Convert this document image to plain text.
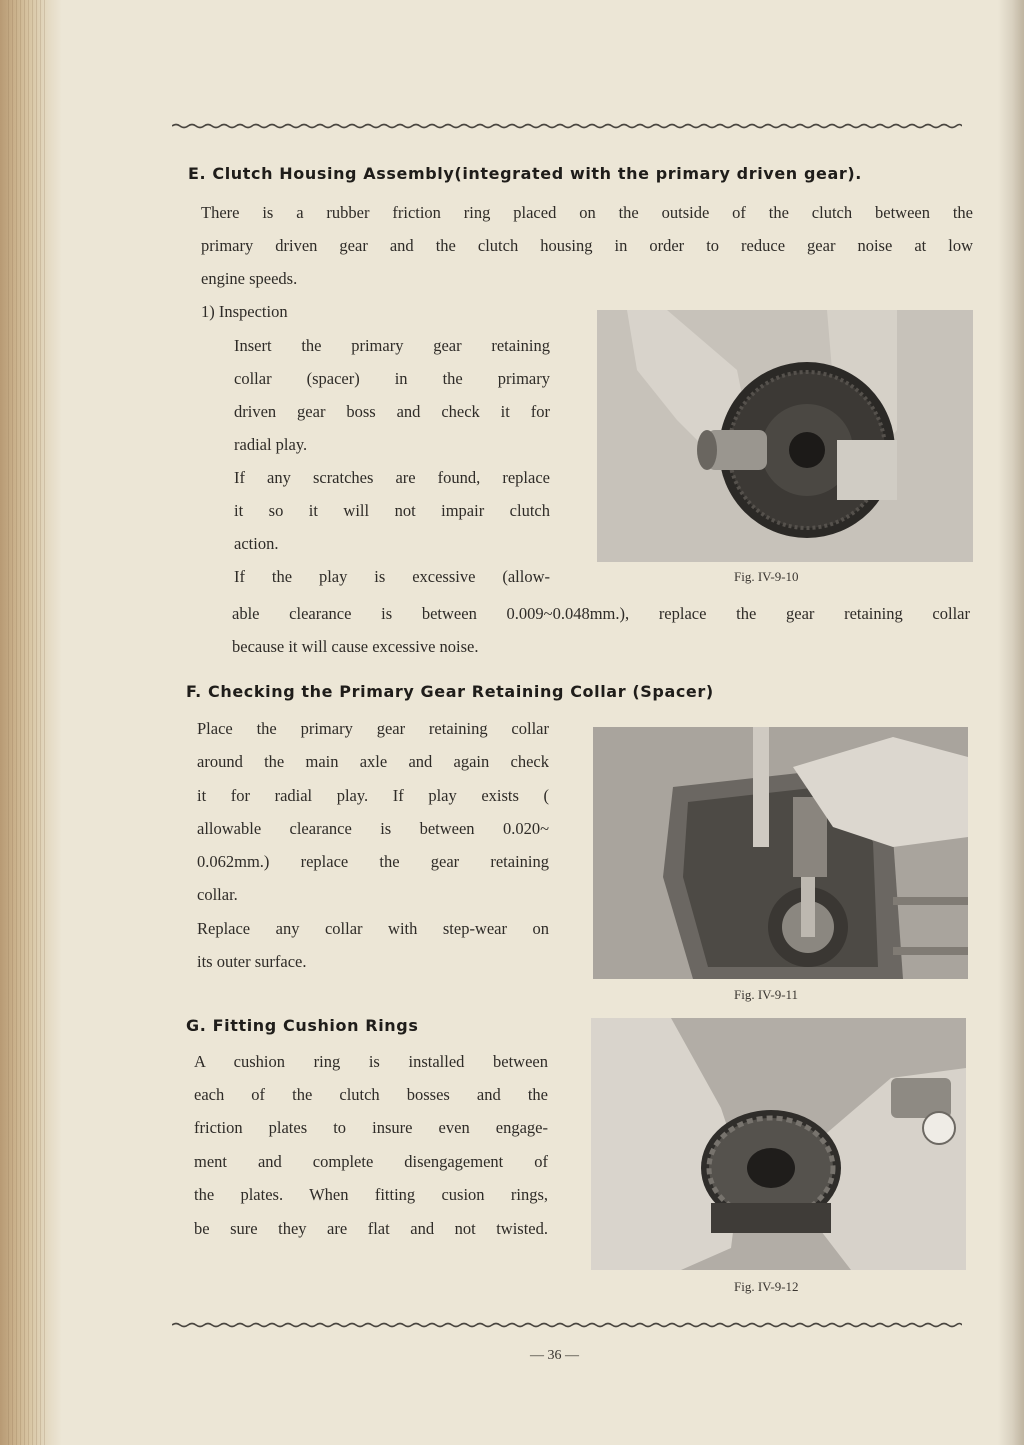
E. Clutch Housing Assembly(integrated with the primary driven gear).
There is a rubber friction ring placed on the outside of the clutch between the
primary driven gear and the clutch housing in order to reduce gear noise at low
engine speeds.
1) Inspection
Insert the primary gear retaining
collar (spacer) in the primary
driven gear boss and check it for
radial play.
If any scratches are found, replace
it so it will not impair clutch
action.
If the play is excessive (allow-	Fig. IV-9-10
able clearance is between 0.009~0.048mm.), replace the gear retaining collar
because it will cause excessive noise.
F. Checking the Primary Gear Retaining Collar (Spacer)
Place the primary gear retaining collar
around the main axle and again check
it for radial play. If play exists (
allowable clearance is between 0.020~
0.062mm.) replace the gear retaining
collar.
Replace any collar with step-wear on
its outer surface.
Fig. IV-9-11
G. Fitting Cushion Rings
A cushion ring is installed between
each of the clutch bosses and the
friction plates to insure even engage-
ment and complete disengagement of
the plates. When fitting cusion rings,
be sure they are flat and not twisted.
Fig. IV-9-12
— 36 —
